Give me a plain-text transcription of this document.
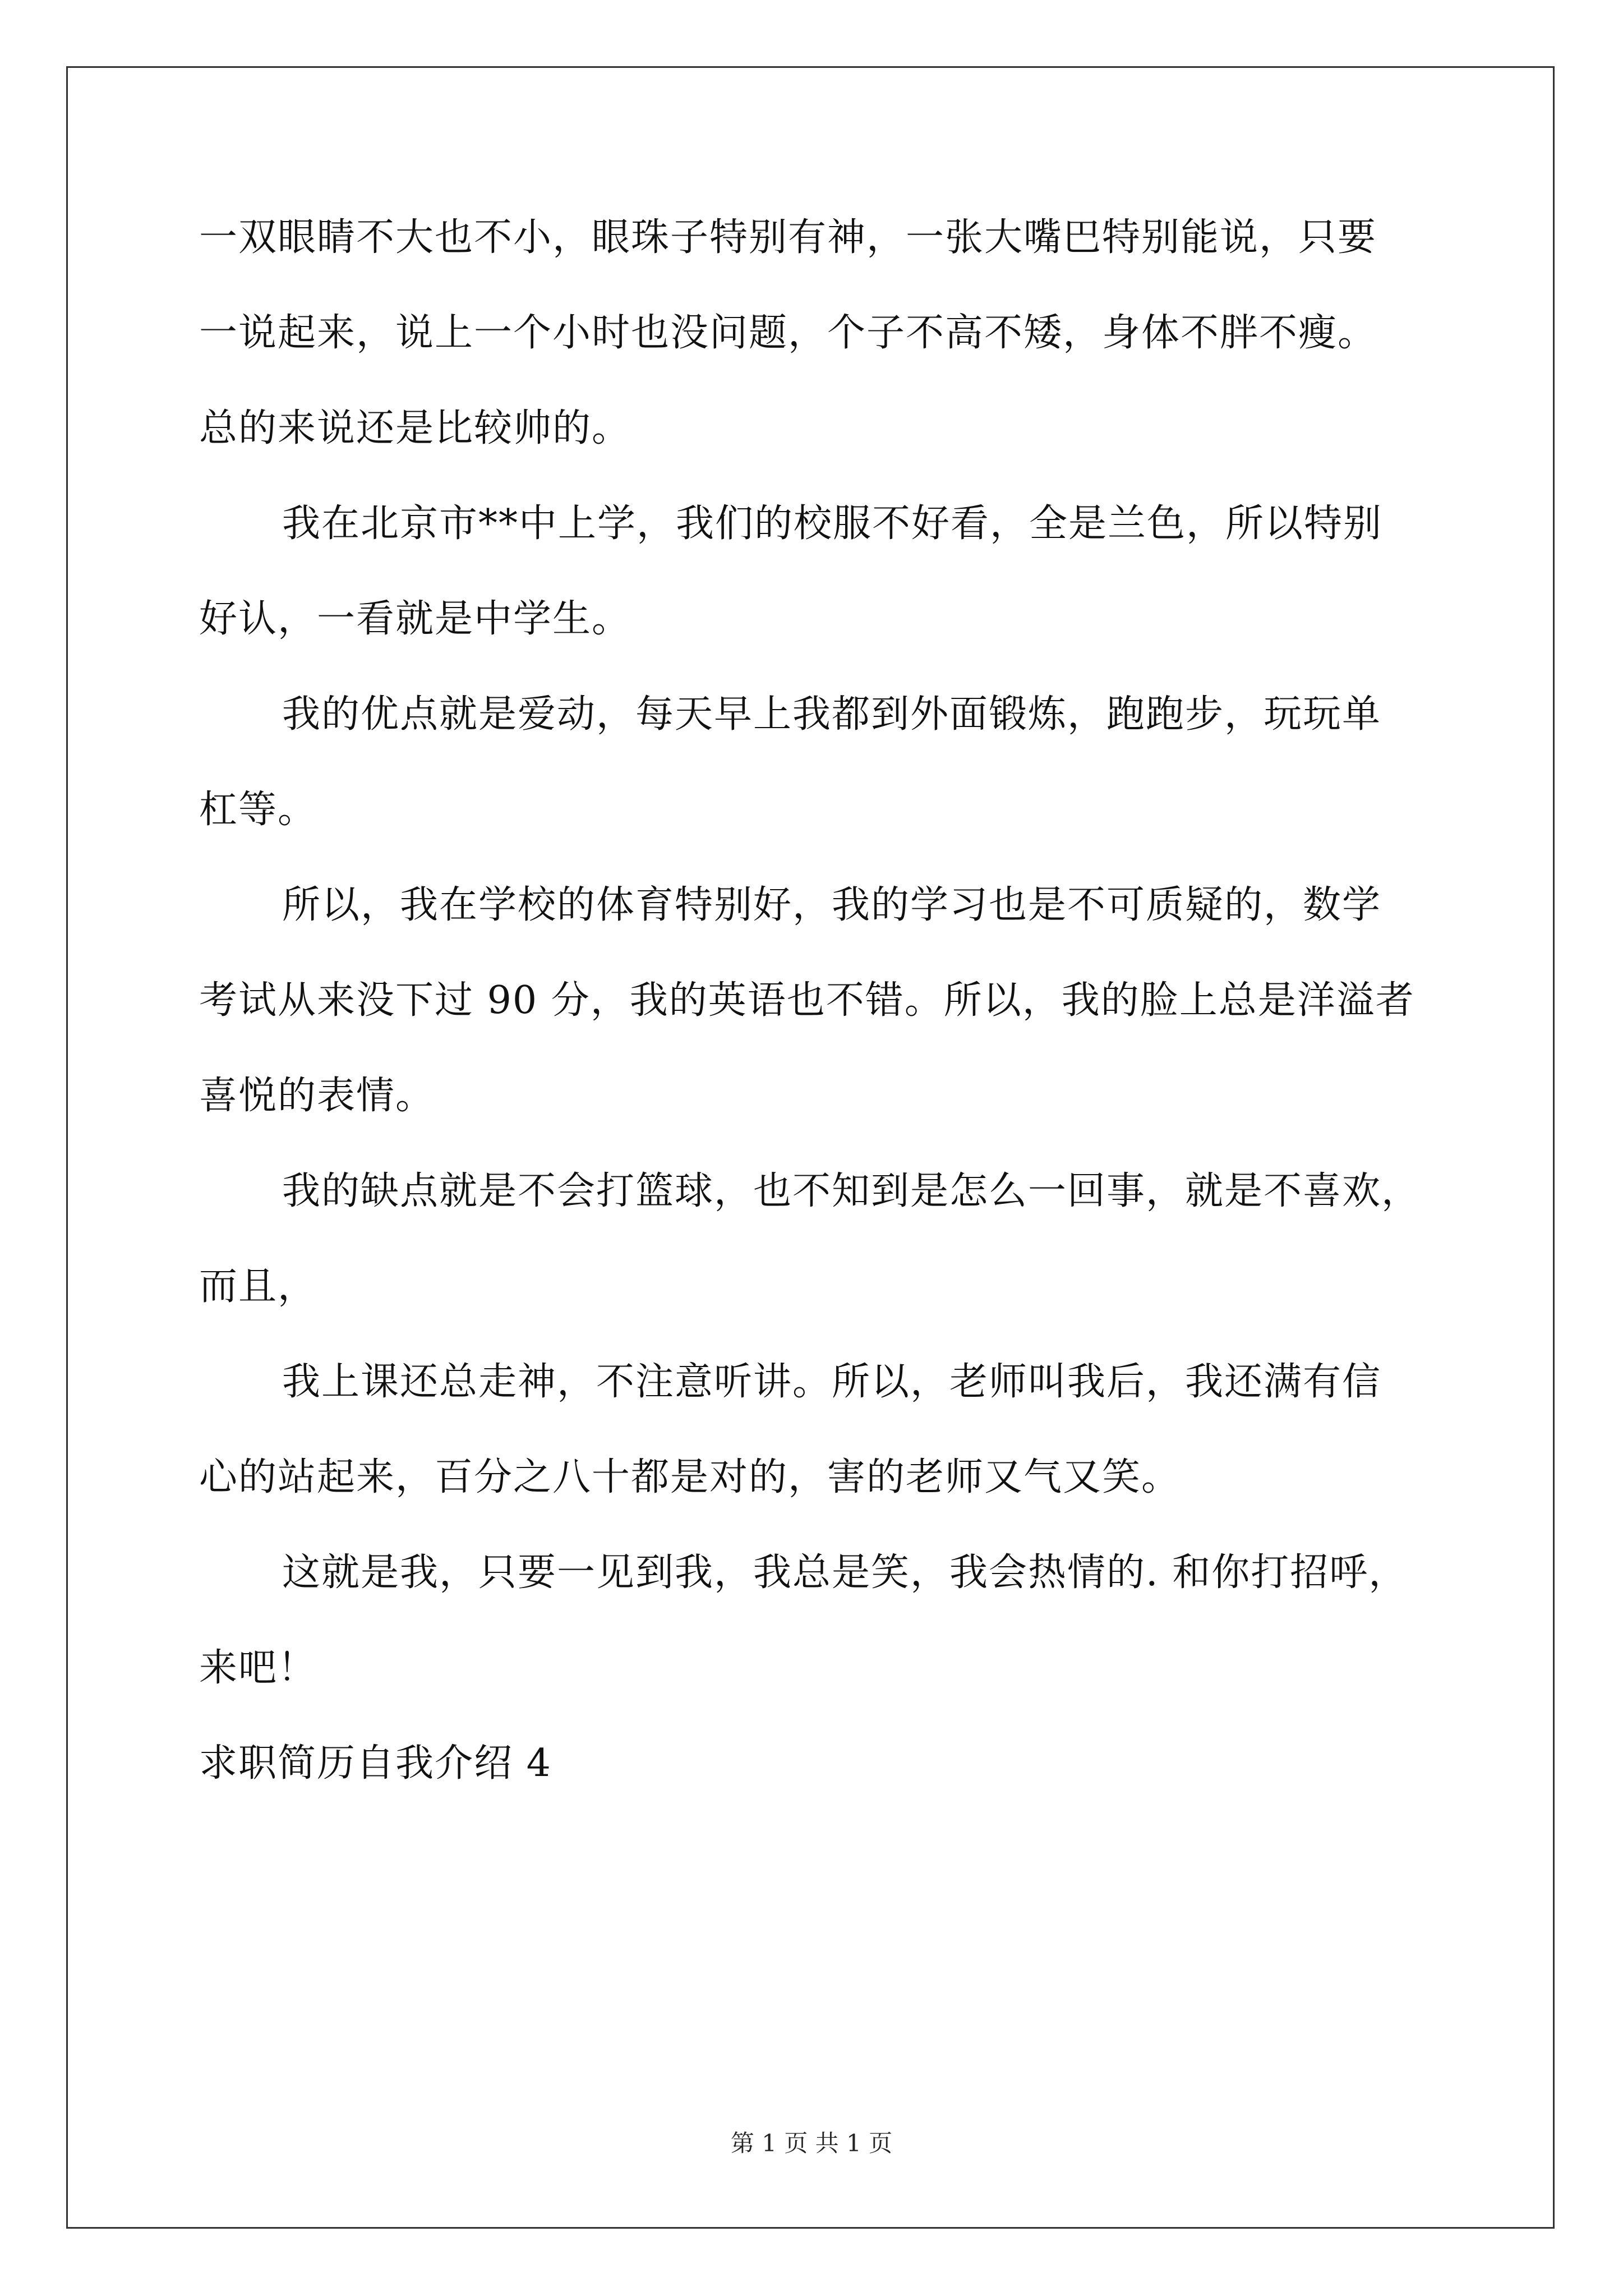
一双眼睛不大也不小，眼珠子特别有神，一张大嘴巴特别能说，只要
一说起来，说上一个小时也没问题，个子不高不矮，身体不胖不瘦。
总的来说还是比较帅的。
我在北京市**中上学，我们的校服不好看，全是兰色，所以特别
好认，一看就是中学生。
我的优点就是爱动，每天早上我都到外面锻炼，跑跑步，玩玩单
杠等。
所以，我在学校的体育特别好，我的学习也是不可质疑的，数学
考试从来没下过 90 分，我的英语也不错。所以，我的脸上总是洋溢者
喜悦的表情。
我的缺点就是不会打篮球，也不知到是怎么一回事，就是不喜欢，
而且，
我上课还总走神，不注意听讲。所以，老师叫我后，我还满有信
心的站起来，百分之八十都是对的，害的老师又气又笑。
这就是我，只要一见到我，我总是笑，我会热情的. 和你打招呼，
来吧！
求职简历自我介绍 4
第 1 页 共 1 页
